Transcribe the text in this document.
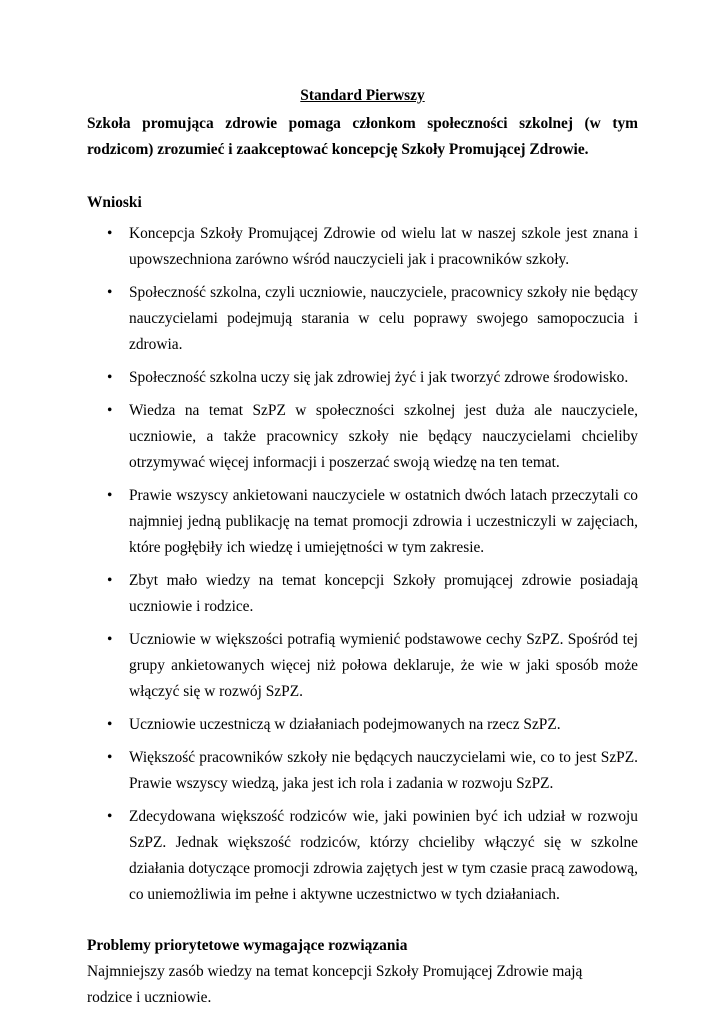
Standard Pierwszy

Szkoła promująca zdrowie pomaga członkom społeczności szkolnej (w tym rodzicom) zrozumieć i zaakceptować koncepcję Szkoły Promującej Zdrowie.

Wnioski

• Koncepcja Szkoły Promującej Zdrowie od wielu lat w naszej szkole jest znana i upowszechniona zarówno wśród nauczycieli jak i pracowników szkoły.
• Społeczność szkolna, czyli uczniowie, nauczyciele, pracownicy szkoły nie będący nauczycielami podejmują starania w celu poprawy swojego samopoczucia i zdrowia.
• Społeczność szkolna uczy się jak zdrowiej żyć i jak tworzyć zdrowe środowisko.
• Wiedza na temat SzPZ w społeczności szkolnej jest duża ale nauczyciele, uczniowie, a także pracownicy szkoły nie będący nauczycielami chcieliby otrzymywać więcej informacji i poszerzać swoją wiedzę na ten temat.
• Prawie wszyscy ankietowani nauczyciele w ostatnich dwóch latach przeczytali co najmniej jedną publikację na temat promocji zdrowia i uczestniczyli w zajęciach, które pogłębiły ich wiedzę i umiejętności w tym zakresie.
• Zbyt mało wiedzy na temat koncepcji Szkoły promującej zdrowie posiadają uczniowie i rodzice.
• Uczniowie w większości potrafią wymienić podstawowe cechy SzPZ. Spośród tej grupy ankietowanych więcej niż połowa deklaruje, że wie w jaki sposób może włączyć się w rozwój SzPZ.
• Uczniowie uczestniczą w działaniach podejmowanych na rzecz SzPZ.
• Większość pracowników szkoły nie będących nauczycielami wie, co to jest SzPZ. Prawie wszyscy wiedzą, jaka jest ich rola i zadania w rozwoju SzPZ.
• Zdecydowana większość rodziców wie, jaki powinien być ich udział w rozwoju SzPZ. Jednak większość rodziców, którzy chcieliby włączyć się w szkolne działania dotyczące promocji zdrowia zajętych jest w tym czasie pracą zawodową, co uniemożliwia im pełne i aktywne uczestnictwo w tych działaniach.

Problemy priorytetowe wymagające rozwiązania

Najmniejszy zasób wiedzy na temat koncepcji Szkoły Promującej Zdrowie mają rodzice i uczniowie.
